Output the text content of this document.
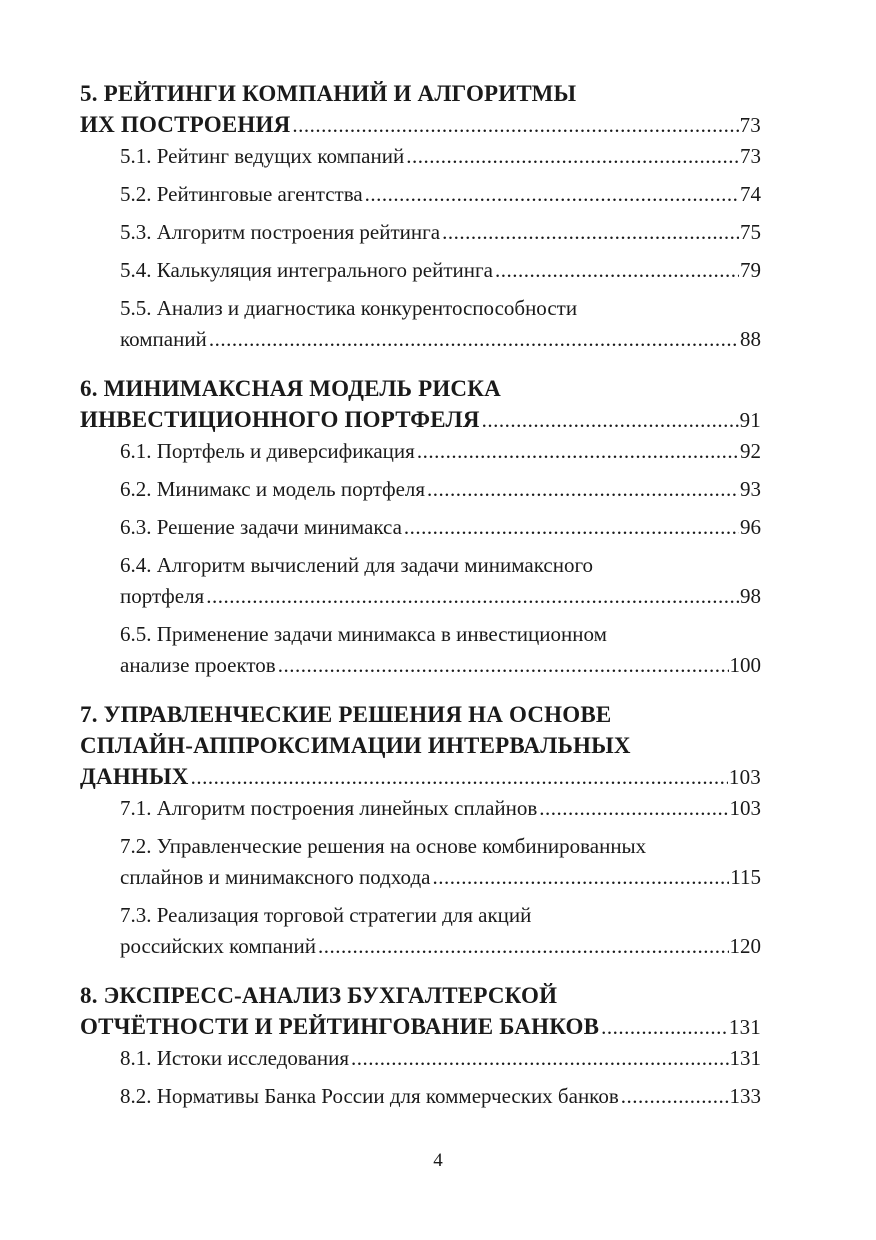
5. РЕЙТИНГИ КОМПАНИЙ И АЛГОРИТМЫ
ИХ ПОСТРОЕНИЯ .....	73
5.1. Рейтинг ведущих компаний .....	73
5.2. Рейтинговые агентства .....	74
5.3. Алгоритм построения рейтинга .....	75
5.4. Калькуляция интегрального рейтинга .....	79
5.5. Анализ и диагностика конкурентоспособности
компаний .....	88
6. МИНИМАКСНАЯ МОДЕЛЬ РИСКА
ИНВЕСТИЦИОННОГО ПОРТФЕЛЯ .....	91
6.1. Портфель и диверсификация .....	92
6.2. Минимакс и модель портфеля .....	93
6.3. Решение задачи минимакса .....	96
6.4. Алгоритм вычислений для задачи минимаксного
портфеля .....	98
6.5. Применение задачи минимакса в инвестиционном
анализе проектов .....	100
7. УПРАВЛЕНЧЕСКИЕ РЕШЕНИЯ НА ОСНОВЕ
СПЛАЙН-АППРОКСИМАЦИИ ИНТЕРВАЛЬНЫХ
ДАННЫХ .....	103
7.1. Алгоритм построения линейных сплайнов .....	103
7.2. Управленческие решения на основе комбинированных
сплайнов и минимаксного подхода .....	115
7.3. Реализация торговой стратегии для акций
российских компаний .....	120
8. ЭКСПРЕСС-АНАЛИЗ БУХГАЛТЕРСКОЙ
ОТЧЁТНОСТИ И РЕЙТИНГОВАНИЕ БАНКОВ .....	131
8.1. Истоки исследования .....	131
8.2. Нормативы Банка России для коммерческих банков .....	133
4
